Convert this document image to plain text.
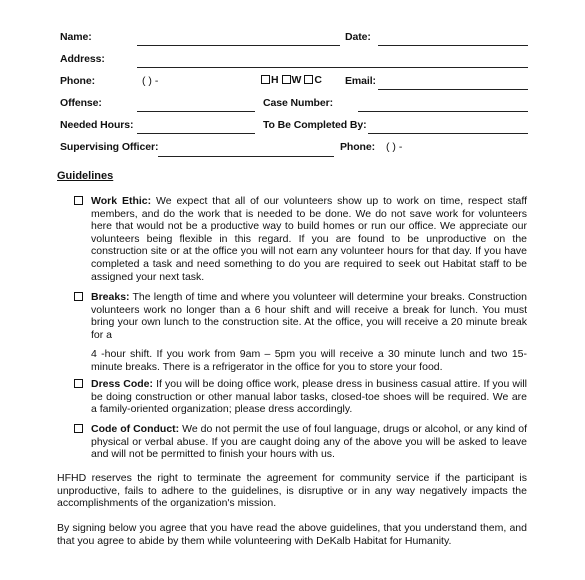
Name:	Date:
Address:
Phone:	( ) -	H W C Email:
Offense:	Case Number:
Needed Hours:	To Be Completed By:
Supervising Officer:	Phone: ( ) -
Guidelines
Work Ethic: We expect that all of our volunteers show up to work on time, respect staff members, and do the work that is needed to be done. We do not save work for volunteers here that would not be a productive way to build homes or run our office. We appreciate our volunteers being flexible in this regard. If you are found to be unproductive on the construction site or at the office you will not earn any volunteer hours for that day. If you have completed a task and need something to do you are required to seek out Habitat staff to be assigned your next task.
Breaks: The length of time and where you volunteer will determine your breaks. Construction volunteers work no longer than a 6 hour shift and will receive a break for lunch. You must bring your own lunch to the construction site. At the office, you will receive a 20 minute break for a
4 -hour shift. If you work from 9am – 5pm you will receive a 30 minute lunch and two 15-minute breaks. There is a refrigerator in the office for you to store your food.
Dress Code: If you will be doing office work, please dress in business casual attire. If you will be doing construction or other manual labor tasks, closed-toe shoes will be required. We are a family-oriented organization; please dress accordingly.
Code of Conduct: We do not permit the use of foul language, drugs or alcohol, or any kind of physical or verbal abuse. If you are caught doing any of the above you will be asked to leave and will not be permitted to finish your hours with us.
HFHD reserves the right to terminate the agreement for community service if the participant is unproductive, fails to adhere to the guidelines, is disruptive or in any way negatively impacts the accomplishments of the organization's mission.
By signing below you agree that you have read the above guidelines, that you understand them, and that you agree to abide by them while volunteering with DeKalb Habitat for Humanity.
